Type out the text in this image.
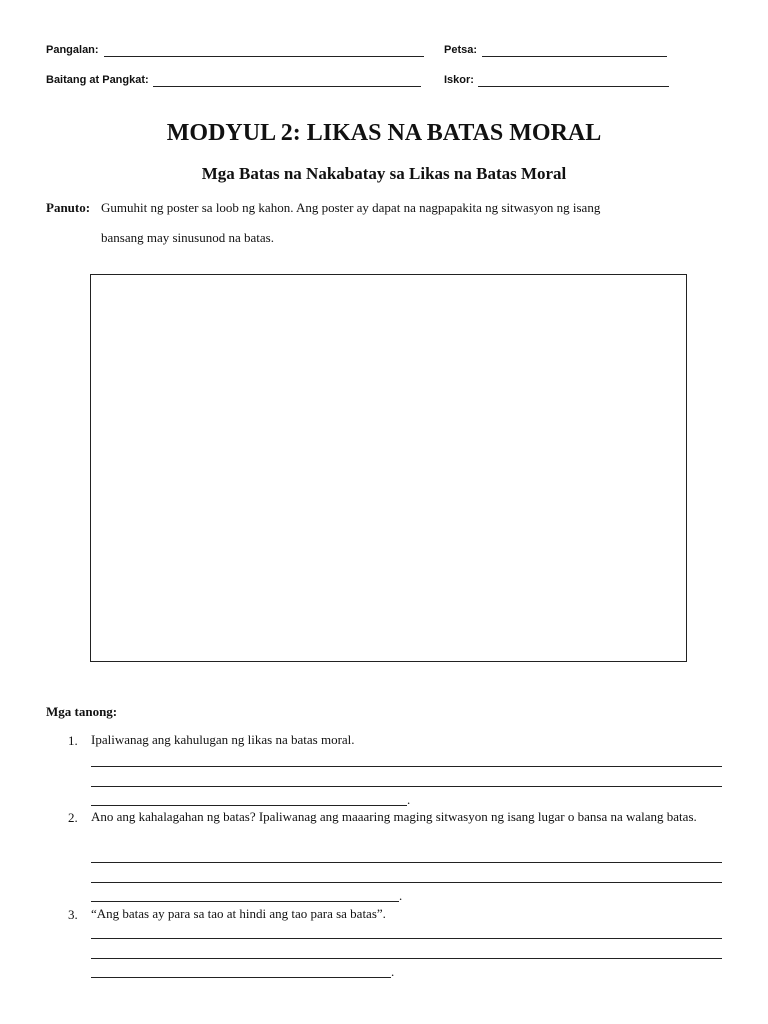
Pangalan:	Petsa:
Baitang at Pangkat:	Iskor:
MODYUL 2: LIKAS NA BATAS MORAL
Mga Batas na Nakabatay sa Likas na Batas Moral
Panuto: Gumuhit ng poster sa loob ng kahon. Ang poster ay dapat na nagpapakita ng sitwasyon ng isang
bansang may sinusunod na batas.
Mga tanong:
1. Ipaliwanag ang kahulugan ng likas na batas moral.
.
2. Ano ang kahalagahan ng batas? Ipaliwanag ang maaaring maging sitwasyon ng isang lugar o bansa na walang batas.
.
3. “Ang batas ay para sa tao at hindi ang tao para sa batas”.
.
